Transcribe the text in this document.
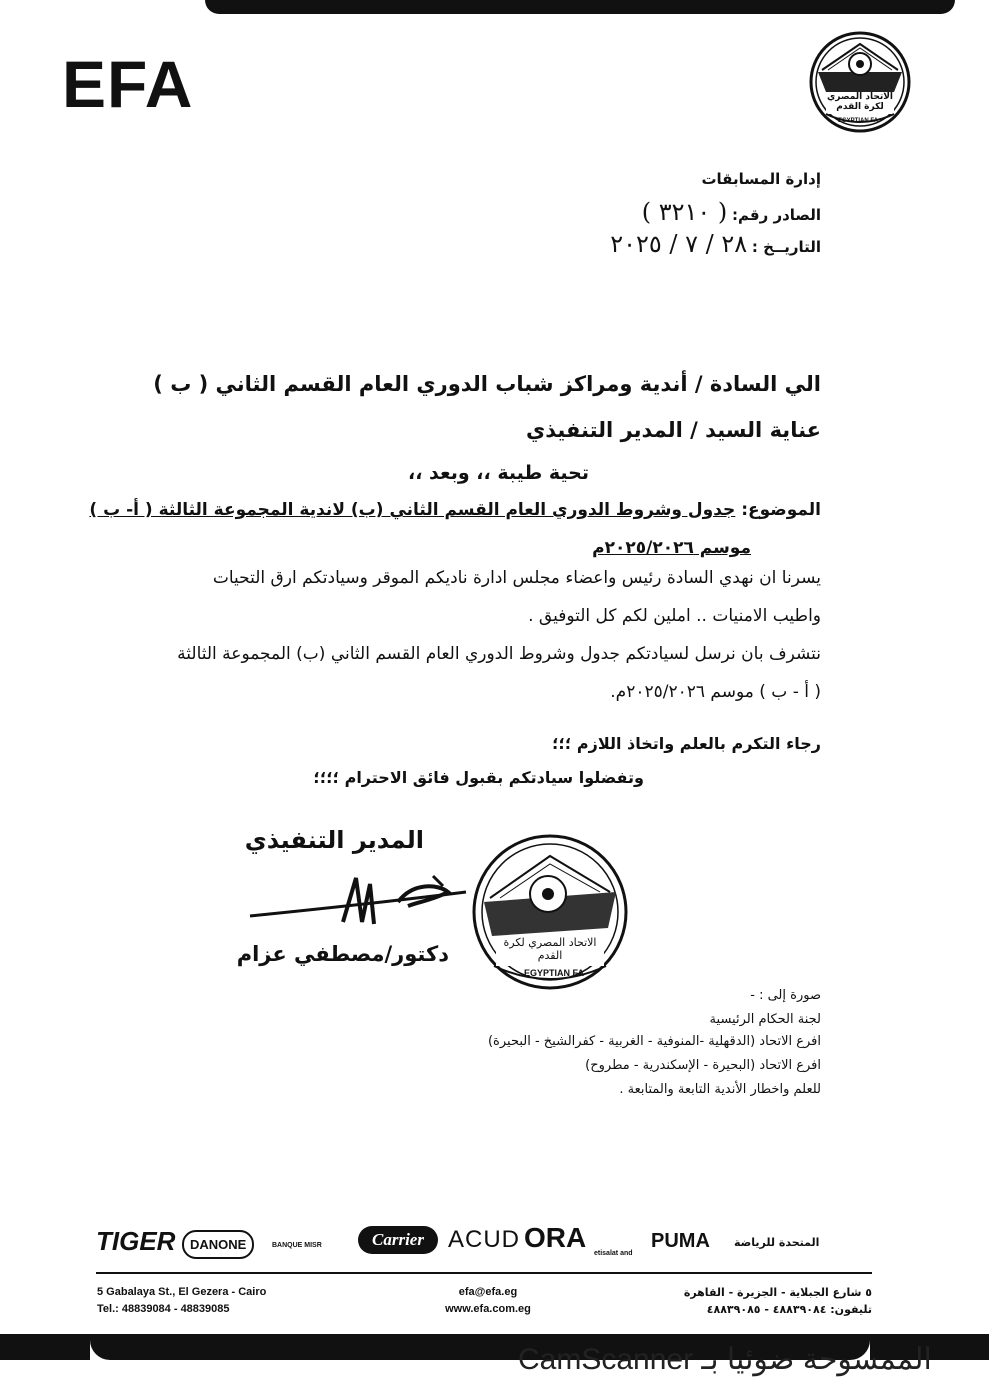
EFA	الاتحاد المصري لكرة القدم
EGYPTIAN FA
إدارة المسابقات
الصادر رقم: ( ٣٢١٠ )
التاريــخ : ٢٨ / ٧ / ٢٠٢٥
الي السادة / أندية ومراكز شباب الدوري العام القسم الثاني ( ب )
عناية السيد / المدير التنفيذي
تحية طيبة ،، وبعد ،،
الموضوع: جدول وشروط الدوري العام القسم الثاني (ب) لاندية المجموعة الثالثة ( أ- ب )
موسم ٢٠٢٥/٢٠٢٦م
يسرنا ان نهدي السادة رئيس واعضاء مجلس ادارة ناديكم الموقر وسيادتكم ارق التحيات
واطيب الامنيات .. املين لكم كل التوفيق .
نتشرف بان نرسل لسيادتكم جدول وشروط الدوري العام القسم الثاني (ب) المجموعة الثالثة
( أ - ب ) موسم ٢٠٢٥/٢٠٢٦م.
رجاء التكرم بالعلم واتخاذ اللازم ؛؛؛
وتفضلوا سيادتكم بقبول فائق الاحترام ؛؛؛؛
المدير التنفيذي
الاتحاد المصري لكرة القدم
EGYPTIAN FA
دكتور/مصطفي عزام
صورة إلى : -
لجنة الحكام الرئيسية
افرع الاتحاد (الدقهلية -المنوفية - الغربية - كفرالشيخ - البحيرة)
افرع الاتحاد (البحيرة - الإسكندرية - مطروح)
للعلم واخطار الأندية التابعة والمتابعة .
TIGER	DANONE	BANQUE MISR	Carrier	ACUD ORA
etisalat and
PUMA المتحدة للرياضة
5 Gabalaya St., El Gezera - Cairo
Tel.: 48839084 - 48839085
efa@efa.eg
www.efa.com.eg
٥ شارع الجبلاية - الجزيرة - القاهرة
تليفون: ٤٨٨٣٩٠٨٤ - ٤٨٨٣٩٠٨٥
الممسوحة ضوئيا بـ CamScanner
